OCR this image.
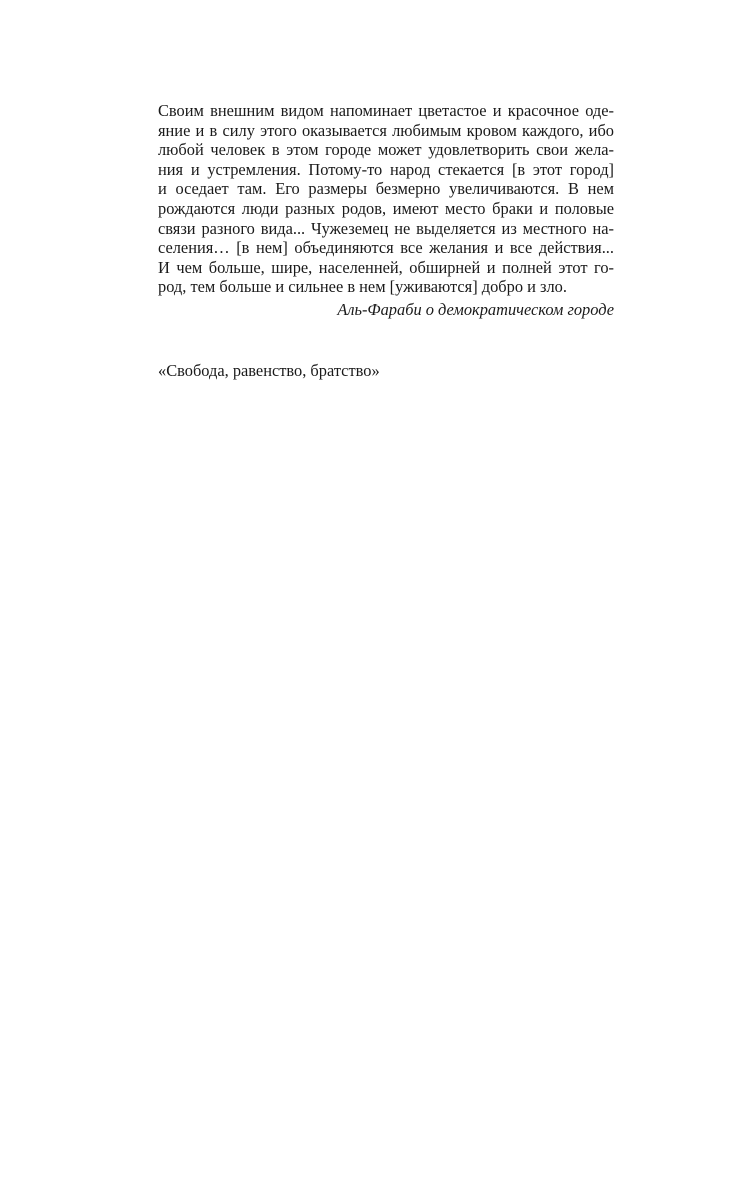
Своим внешним видом напоминает цветастое и красочное оде-
яние и в силу этого оказывается любимым кровом каждого, ибо
любой человек в этом городе может удовлетворить свои жела-
ния и устремления. Потому-то народ стекается [в этот город]
и оседает там. Его размеры безмерно увеличиваются. В нем
рождаются люди разных родов, имеют место браки и половые
связи разного вида... Чужеземец не выделяется из местного на-
селения… [в нем] объединяются все желания и все действия...
И чем больше, шире, населенней, обширней и полней этот го-
род, тем больше и сильнее в нем [уживаются] добро и зло.
Аль-Фараби о демократическом городе
«Свобода, равенство, братство»
